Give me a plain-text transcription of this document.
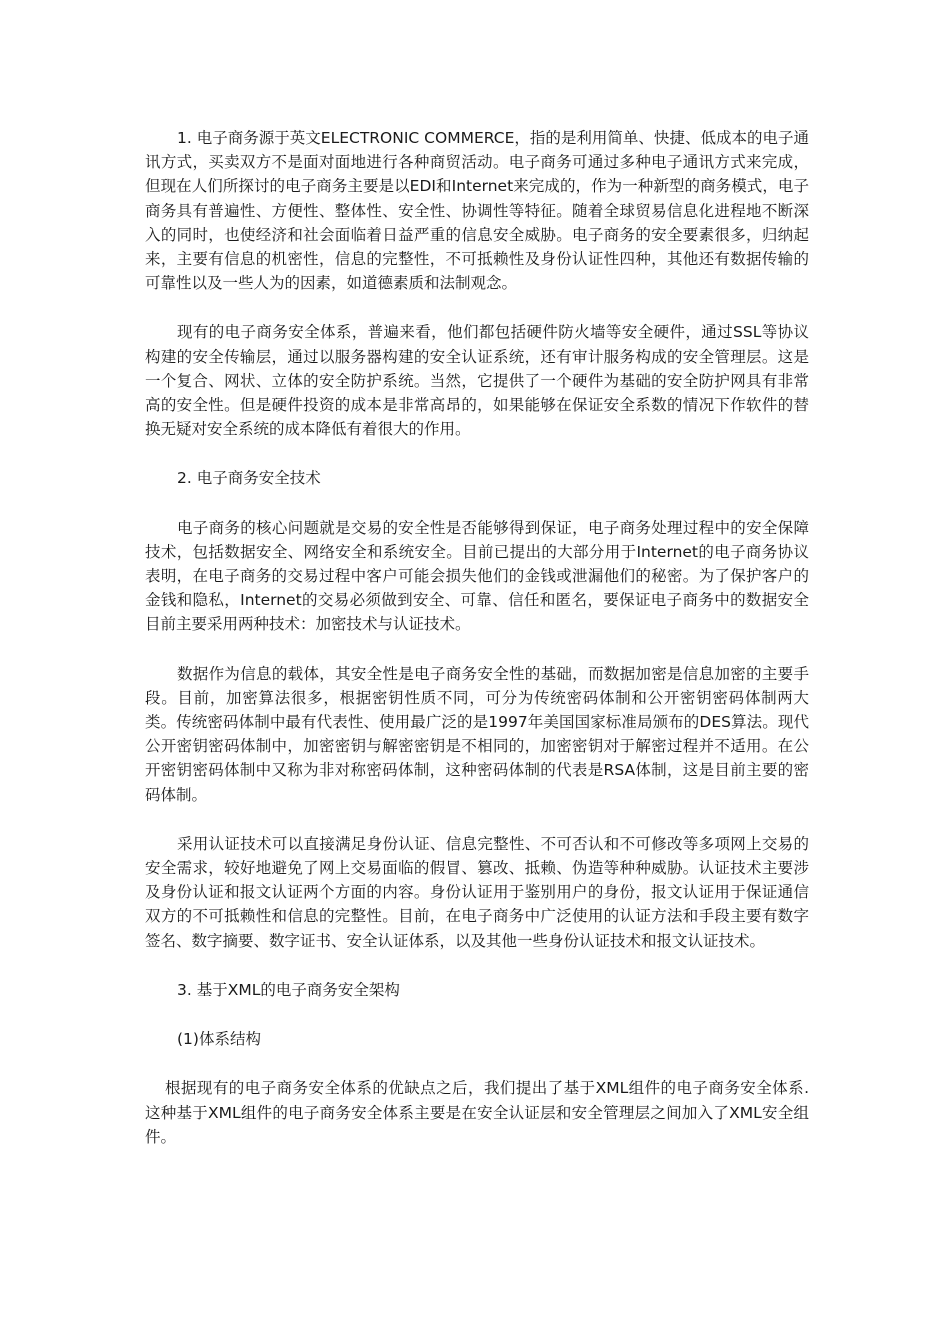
1. 电子商务源于英文ELECTRONIC COMMERCE，指的是利用简单、快捷、低成本的电子通讯方式，买卖双方不是面对面地进行各种商贸活动。电子商务可通过多种电子通讯方式来完成，但现在人们所探讨的电子商务主要是以EDI和Internet来完成的，作为一种新型的商务模式，电子商务具有普遍性、方便性、整体性、安全性、协调性等特征。随着全球贸易信息化进程地不断深入的同时，也使经济和社会面临着日益严重的信息安全威胁。电子商务的安全要素很多，归纳起来，主要有信息的机密性，信息的完整性，不可抵赖性及身份认证性四种，其他还有数据传输的可靠性以及一些人为的因素，如道德素质和法制观念。

现有的电子商务安全体系，普遍来看，他们都包括硬件防火墙等安全硬件，通过SSL等协议构建的安全传输层，通过以服务器构建的安全认证系统，还有审计服务构成的安全管理层。这是一个复合、网状、立体的安全防护系统。当然，它提供了一个硬件为基础的安全防护网具有非常高的安全性。但是硬件投资的成本是非常高昂的，如果能够在保证安全系数的情况下作软件的替换无疑对安全系统的成本降低有着很大的作用。

2. 电子商务安全技术

电子商务的核心问题就是交易的安全性是否能够得到保证，电子商务处理过程中的安全保障技术，包括数据安全、网络安全和系统安全。目前已提出的大部分用于Internet的电子商务协议表明，在电子商务的交易过程中客户可能会损失他们的金钱或泄漏他们的秘密。为了保护客户的金钱和隐私，Internet的交易必须做到安全、可靠、信任和匿名，要保证电子商务中的数据安全目前主要采用两种技术：加密技术与认证技术。

数据作为信息的载体，其安全性是电子商务安全性的基础，而数据加密是信息加密的主要手段。目前，加密算法很多，根据密钥性质不同，可分为传统密码体制和公开密钥密码体制两大类。传统密码体制中最有代表性、使用最广泛的是1997年美国国家标准局颁布的DES算法。现代公开密钥密码体制中，加密密钥与解密密钥是不相同的，加密密钥对于解密过程并不适用。在公开密钥密码体制中又称为非对称密码体制，这种密码体制的代表是RSA体制，这是目前主要的密码体制。

采用认证技术可以直接满足身份认证、信息完整性、不可否认和不可修改等多项网上交易的安全需求，较好地避免了网上交易面临的假冒、篡改、抵赖、伪造等种种威胁。认证技术主要涉及身份认证和报文认证两个方面的内容。身份认证用于鉴别用户的身份，报文认证用于保证通信双方的不可抵赖性和信息的完整性。目前，在电子商务中广泛使用的认证方法和手段主要有数字签名、数字摘要、数字证书、安全认证体系，以及其他一些身份认证技术和报文认证技术。

3. 基于XML的电子商务安全架构

(1)体系结构

根据现有的电子商务安全体系的优缺点之后，我们提出了基于XML组件的电子商务安全体系. 这种基于XML组件的电子商务安全体系主要是在安全认证层和安全管理层之间加入了XML安全组件。
